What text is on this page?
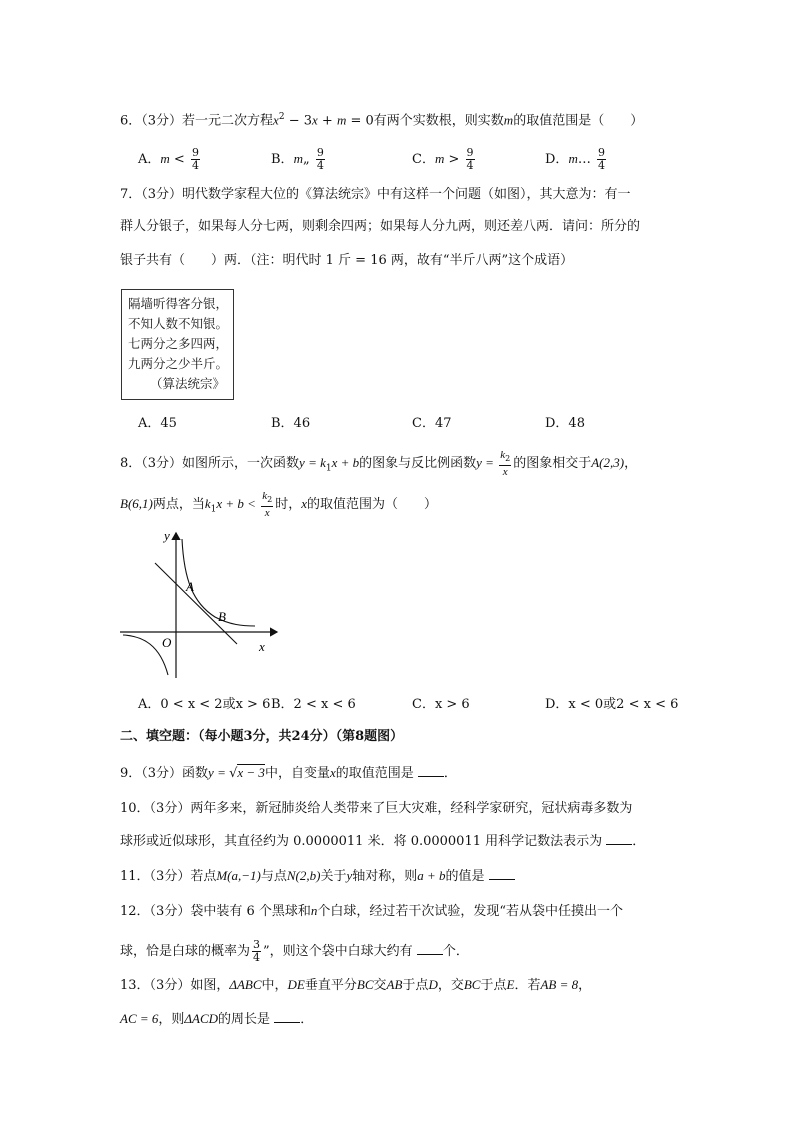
6．（3分）若一元二次方程$x^2 - 3x + m = 0$有两个实数根，则实数m的取值范围是（　　）
A．$m < \frac{9}{4}$	B．m„ $\frac{9}{4}$	C．$m > \frac{9}{4}$	D．m… $\frac{9}{4}$
7．（3分）明代数学家程大位的《算法统宗》中有这样一个问题（如图），其大意为：有一
群人分银子，如果每人分七两，则剩余四两；如果每人分九两，则还差八两．请问：所分的
银子共有（　　）两．（注：明代时 1 斤 = 16 两，故有“半斤八两”这个成语）
隔墙听得客分银，
不知人数不知银。
七两分之多四两，
九两分之少半斤。
（算法统宗》
A．45	B．46	C．47	D．48
8．（3分）如图所示，一次函数$y = k_1x + b$的图象与反比例函数$y = \frac{k_2}{x}$ 的图象相交于A(2,3)，
B(6,1)两点，当$k_1x + b < \frac{k_2}{x}$ 时，x的取值范围为（　　）
y
x
O
A
B
A．0 < x < 2或x > 6 B．2 < x < 6	C．x > 6	D．x < 0或2 < x < 6
二、填空题：（每小题3分，共24分）（第8题图）
9．（3分）函数y = √x − 3中，自变量x的取值范围是 ．
10．（3分）两年多来，新冠肺炎给人类带来了巨大灾难，经科学家研究，冠状病毒多数为
球形或近似球形，其直径约为 0.0000011 米．将 0.0000011 用科学记数法表示为 ．
11．（3分）若点M(a,−1)与点N(2,b)关于y轴对称，则a + b的值是
12．（3分）袋中装有 6 个黑球和n个白球，经过若干次试验，发现“若从袋中任摸出一个
球，恰是白球的概率为 $\frac{3}{4}$ ”，则这个袋中白球大约有 个．
13．（3分）如图，ΔABC中，DE垂直平分BC交AB于点D，交BC于点E．若AB = 8，
AC = 6，则ΔACD的周长是 ．
